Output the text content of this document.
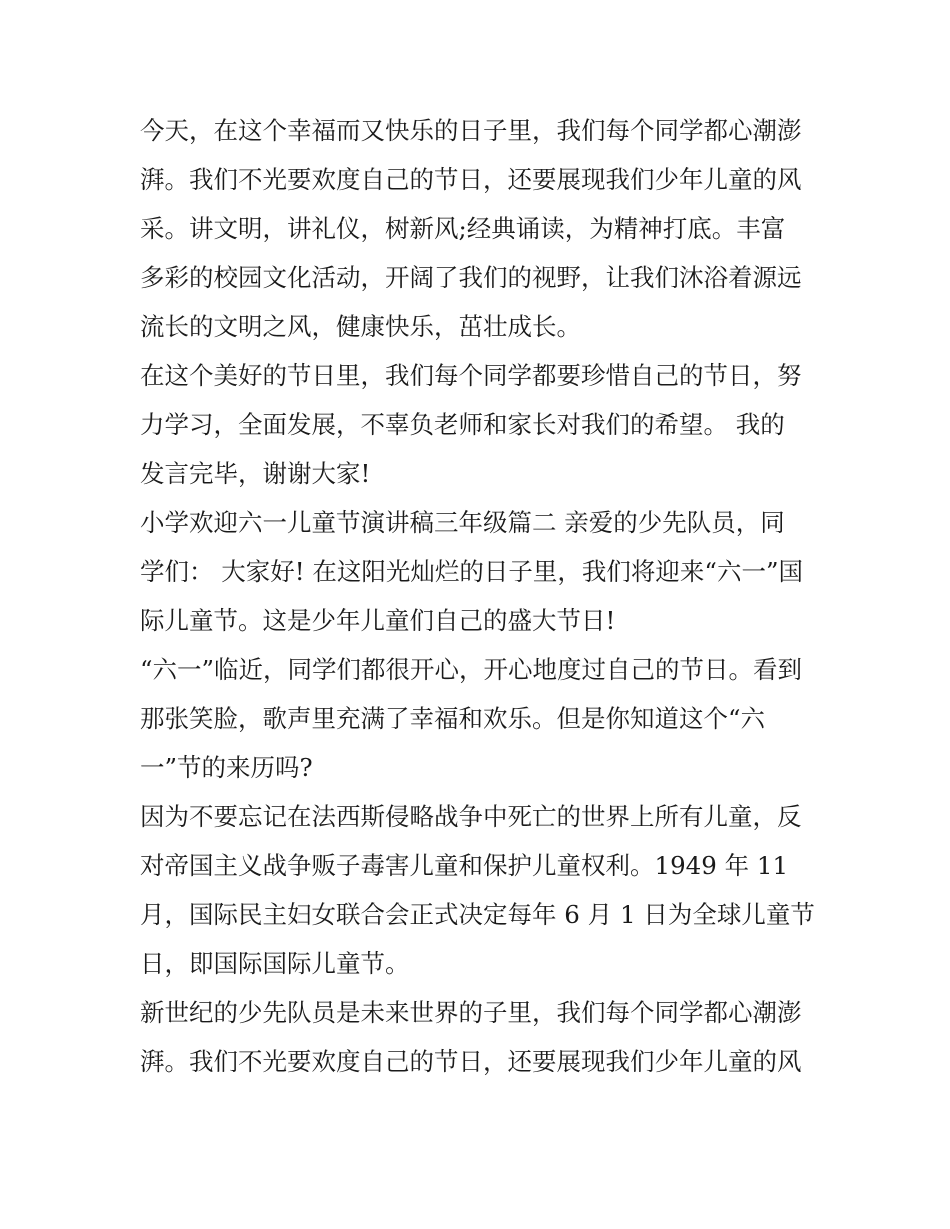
今天，在这个幸福而又快乐的日子里，我们每个同学都心潮澎
湃。我们不光要欢度自己的节日，还要展现我们少年儿童的风
采。讲文明，讲礼仪，树新风;经典诵读，为精神打底。丰富
多彩的校园文化活动，开阔了我们的视野，让我们沐浴着源远
流长的文明之风，健康快乐，茁壮成长。
在这个美好的节日里，我们每个同学都要珍惜自己的节日，努
力学习，全面发展，不辜负老师和家长对我们的希望。 我的
发言完毕，谢谢大家!
小学欢迎六一儿童节演讲稿三年级篇二 亲爱的少先队员，同
学们： 大家好! 在这阳光灿烂的日子里，我们将迎来“六一”国
际儿童节。这是少年儿童们自己的盛大节日!
“六一”临近，同学们都很开心，开心地度过自己的节日。看到
那张笑脸，歌声里充满了幸福和欢乐。但是你知道这个“六
一”节的来历吗?
因为不要忘记在法西斯侵略战争中死亡的世界上所有儿童，反
对帝国主义战争贩子毒害儿童和保护儿童权利。1949 年 11
月，国际民主妇女联合会正式决定每年 6 月 1 日为全球儿童节
日，即国际国际儿童节。
新世纪的少先队员是未来世界的子里，我们每个同学都心潮澎
湃。我们不光要欢度自己的节日，还要展现我们少年儿童的风
